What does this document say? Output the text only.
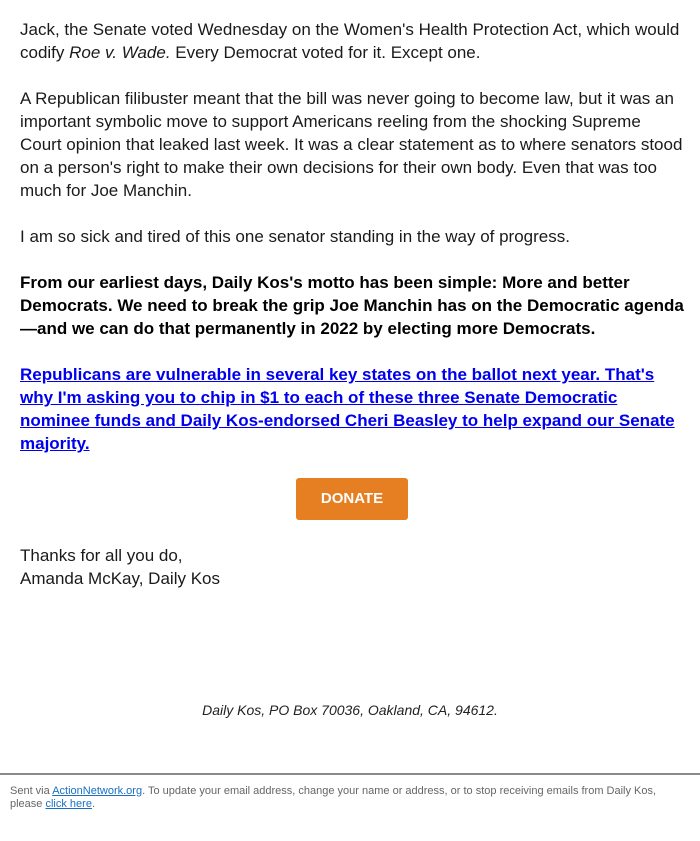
Jack, the Senate voted Wednesday on the Women's Health Protection Act, which would codify Roe v. Wade. Every Democrat voted for it. Except one.

A Republican filibuster meant that the bill was never going to become law, but it was an important symbolic move to support Americans reeling from the shocking Supreme Court opinion that leaked last week. It was a clear statement as to where senators stood on a person's right to make their own decisions for their own body. Even that was too much for Joe Manchin.

I am so sick and tired of this one senator standing in the way of progress.

From our earliest days, Daily Kos's motto has been simple: More and better Democrats. We need to break the grip Joe Manchin has on the Democratic agenda—and we can do that permanently in 2022 by electing more Democrats.

Republicans are vulnerable in several key states on the ballot next year. That's why I'm asking you to chip in $1 to each of these three Senate Democratic nominee funds and Daily Kos-endorsed Cheri Beasley to help expand our Senate majority.

DONATE

Thanks for all you do,
Amanda McKay, Daily Kos

Daily Kos, PO Box 70036, Oakland, CA, 94612.
Sent via ActionNetwork.org. To update your email address, change your name or address, or to stop receiving emails from Daily Kos, please click here.
